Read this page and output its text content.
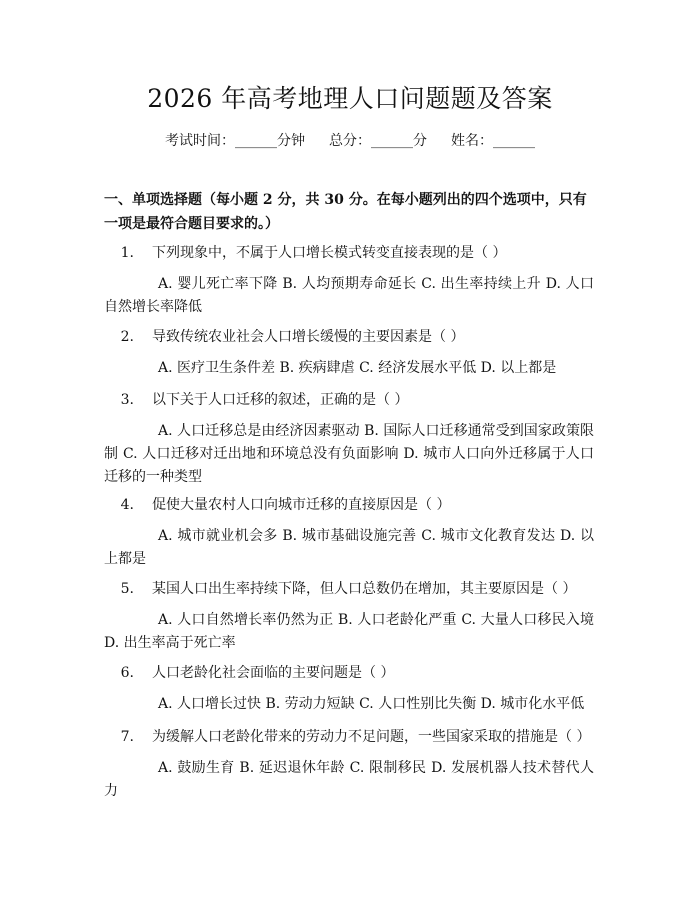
2026 年高考地理人口问题题及答案
考试时间：______分钟 总分：______分 姓名：______
一、单项选择题（每小题 2 分，共 30 分。在每小题列出的四个选项中，只有一项是最符合题目要求的。）
1. 下列现象中，不属于人口增长模式转变直接表现的是（ ）
A. 婴儿死亡率下降 B. 人均预期寿命延长 C. 出生率持续上升 D. 人口自然增长率降低
2. 导致传统农业社会人口增长缓慢的主要因素是（ ）
A. 医疗卫生条件差 B. 疾病肆虐 C. 经济发展水平低 D. 以上都是
3. 以下关于人口迁移的叙述，正确的是（ ）
A. 人口迁移总是由经济因素驱动 B. 国际人口迁移通常受到国家政策限制 C. 人口迁移对迁出地和环境总没有负面影响 D. 城市人口向外迁移属于人口迁移的一种类型
4. 促使大量农村人口向城市迁移的直接原因是（ ）
A. 城市就业机会多 B. 城市基础设施完善 C. 城市文化教育发达 D. 以上都是
5. 某国人口出生率持续下降，但人口总数仍在增加，其主要原因是（ ）
A. 人口自然增长率仍然为正 B. 人口老龄化严重 C. 大量人口移民入境 D. 出生率高于死亡率
6. 人口老龄化社会面临的主要问题是（ ）
A. 人口增长过快 B. 劳动力短缺 C. 人口性别比失衡 D. 城市化水平低
7. 为缓解人口老龄化带来的劳动力不足问题，一些国家采取的措施是（ ）
A. 鼓励生育 B. 延迟退休年龄 C. 限制移民 D. 发展机器人技术替代人力
